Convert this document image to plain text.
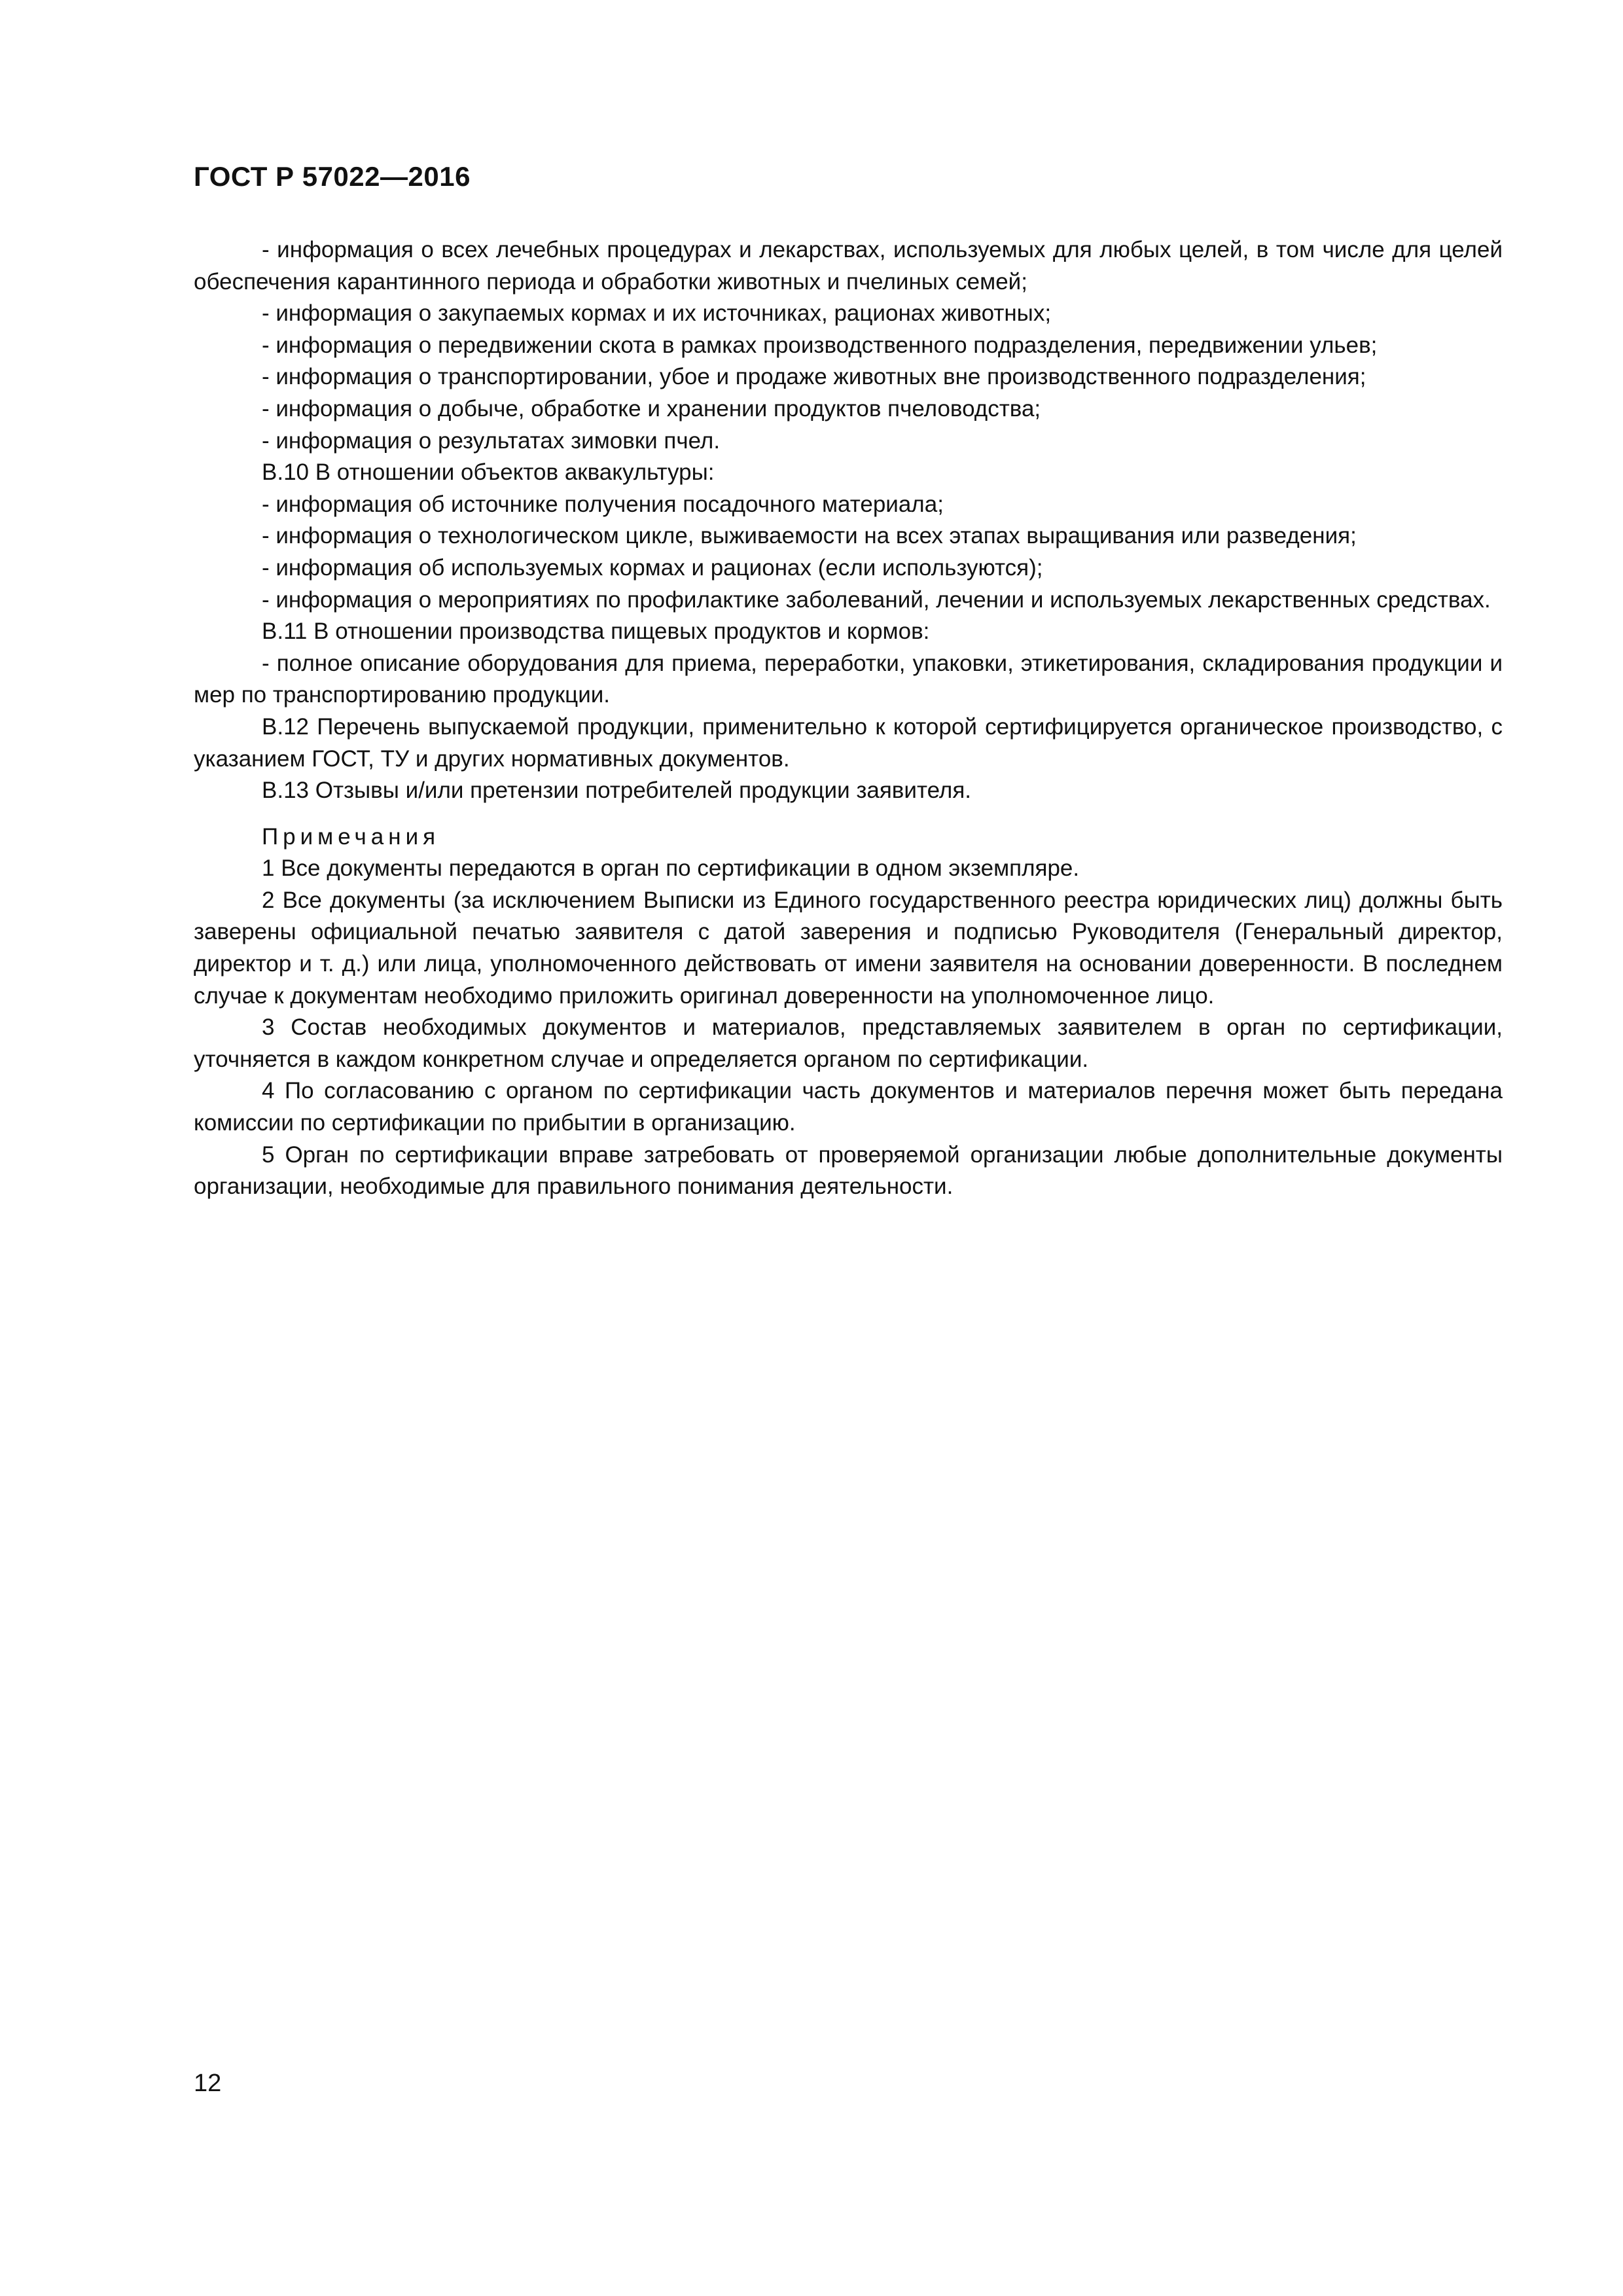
ГОСТ Р 57022—2016

- информация о всех лечебных процедурах и лекарствах, используемых для любых целей, в том числе для целей обеспечения карантинного периода и обработки животных и пчелиных семей;

- информация о закупаемых кормах и их источниках, рационах животных;

- информация о передвижении скота в рамках производственного подразделения, передвижении ульев;

- информация о транспортировании, убое и продаже животных вне производственного подразделения;

- информация о добыче, обработке и хранении продуктов пчеловодства;

- информация о результатах зимовки пчел.

В.10 В отношении объектов аквакультуры:

- информация об источнике получения посадочного материала;

- информация о технологическом цикле, выживаемости на всех этапах выращивания или разведения;

- информация об используемых кормах и рационах (если используются);

- информация о мероприятиях по профилактике заболеваний, лечении и используемых лекарственных средствах.

В.11 В отношении производства пищевых продуктов и кормов:

- полное описание оборудования для приема, переработки, упаковки, этикетирования, складирования продукции и мер по транспортированию продукции.

В.12 Перечень выпускаемой продукции, применительно к которой сертифицируется органическое производство, с указанием ГОСТ, ТУ и других нормативных документов.

В.13 Отзывы и/или претензии потребителей продукции заявителя.

Примечания

1 Все документы передаются в орган по сертификации в одном экземпляре.

2 Все документы (за исключением Выписки из Единого государственного реестра юридических лиц) должны быть заверены официальной печатью заявителя с датой заверения и подписью Руководителя (Генеральный директор, директор и т. д.) или лица, уполномоченного действовать от имени заявителя на основании доверенности. В последнем случае к документам необходимо приложить оригинал доверенности на уполномоченное лицо.

3 Состав необходимых документов и материалов, представляемых заявителем в орган по сертификации, уточняется в каждом конкретном случае и определяется органом по сертификации.

4 По согласованию с органом по сертификации часть документов и материалов перечня может быть передана комиссии по сертификации по прибытии в организацию.

5 Орган по сертификации вправе затребовать от проверяемой организации любые дополнительные документы организации, необходимые для правильного понимания деятельности.

12
